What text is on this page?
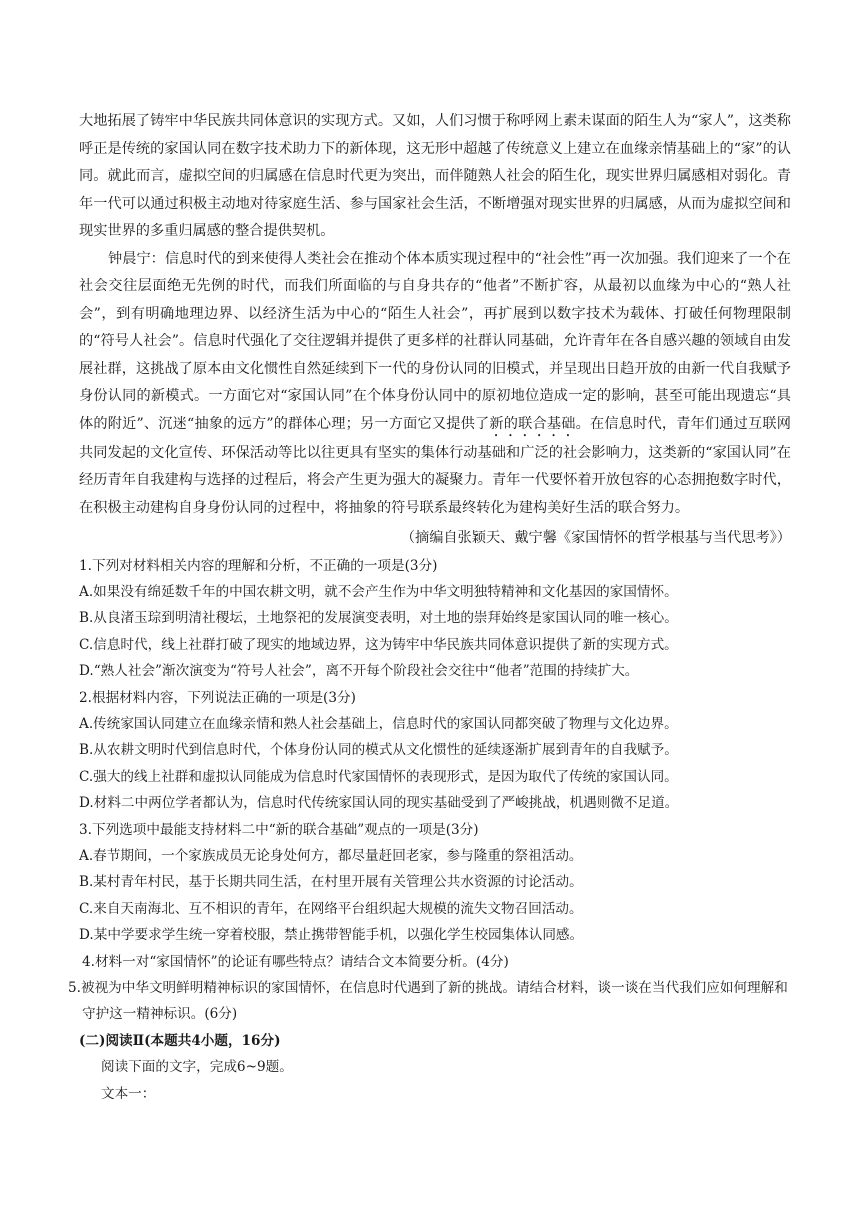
大地拓展了铸牢中华民族共同体意识的实现方式。又如，人们习惯于称呼网上素未谋面的陌生人为“家人”，这类称呼正是传统的家国认同在数字技术助力下的新体现，这无形中超越了传统意义上建立在血缘亲情基础上的“家”的认同。就此而言，虚拟空间的归属感在信息时代更为突出，而伴随熟人社会的陌生化，现实世界归属感相对弱化。青年一代可以通过积极主动地对待家庭生活、参与国家社会生活，不断增强对现实世界的归属感，从而为虚拟空间和现实世界的多重归属感的整合提供契机。

钟晨宁：信息时代的到来使得人类社会在推动个体本质实现过程中的“社会性”再一次加强。我们迎来了一个在社会交往层面绝无先例的时代，而我们所面临的与自身共存的“他者”不断扩容，从最初以血缘为中心的“熟人社会”，到有明确地理边界、以经济生活为中心的“陌生人社会”，再扩展到以数字技术为载体、打破任何物理限制的“符号人社会”。信息时代强化了交往逻辑并提供了更多样的社群认同基础，允许青年在各自感兴趣的领域自由发展社群，这挑战了原本由文化惯性自然延续到下一代的身份认同的旧模式，并呈现出日趋开放的由新一代自我赋予身份认同的新模式。一方面它对“家国认同”在个体身份认同中的原初地位造成一定的影响，甚至可能出现遗忘“具体的附近”、沉迷“抽象的远方”的群体心理；另一方面它又提供了新的联合基础。在信息时代，青年们通过互联网共同发起的文化宣传、环保活动等比以往更具有坚实的集体行动基础和广泛的社会影响力，这类新的“家国认同”在经历青年自我建构与选择的过程后，将会产生更为强大的凝聚力。青年一代要怀着开放包容的心态拥抱数字时代，在积极主动建构自身身份认同的过程中，将抽象的符号联系最终转化为建构美好生活的联合努力。

（摘编自张颖天、戴宁馨《家国情怀的哲学根基与当代思考》）

1.下列对材料相关内容的理解和分析，不正确的一项是(3分)

A.如果没有绵延数千年的中国农耕文明，就不会产生作为中华文明独特精神和文化基因的家国情怀。

B.从良渚玉琮到明清社稷坛，土地祭祀的发展演变表明，对土地的崇拜始终是家国认同的唯一核心。

C.信息时代，线上社群打破了现实的地域边界，这为铸牢中华民族共同体意识提供了新的实现方式。

D.“熟人社会”渐次演变为“符号人社会”，离不开每个阶段社会交往中“他者”范围的持续扩大。

2.根据材料内容，下列说法正确的一项是(3分)

A.传统家国认同建立在血缘亲情和熟人社会基础上，信息时代的家国认同都突破了物理与文化边界。

B.从农耕文明时代到信息时代，个体身份认同的模式从文化惯性的延续逐渐扩展到青年的自我赋予。

C.强大的线上社群和虚拟认同能成为信息时代家国情怀的表现形式，是因为取代了传统的家国认同。

D.材料二中两位学者都认为，信息时代传统家国认同的现实基础受到了严峻挑战，机遇则微不足道。

3.下列选项中最能支持材料二中“新的联合基础”观点的一项是(3分)

A.春节期间，一个家族成员无论身处何方，都尽量赶回老家，参与隆重的祭祖活动。

B.某村青年村民，基于长期共同生活，在村里开展有关管理公共水资源的讨论活动。

C.来自天南海北、互不相识的青年，在网络平台组织起大规模的流失文物召回活动。

D.某中学要求学生统一穿着校服，禁止携带智能手机，以强化学生校园集体认同感。

4.材料一对“家国情怀”的论证有哪些特点？请结合文本简要分析。(4分)

5.被视为中华文明鲜明精神标识的家国情怀，在信息时代遇到了新的挑战。请结合材料，谈一谈在当代我们应如何理解和守护这一精神标识。(6分)

(二)阅读Ⅱ(本题共4小题，16分)

阅读下面的文字，完成6~9题。

文本一：
